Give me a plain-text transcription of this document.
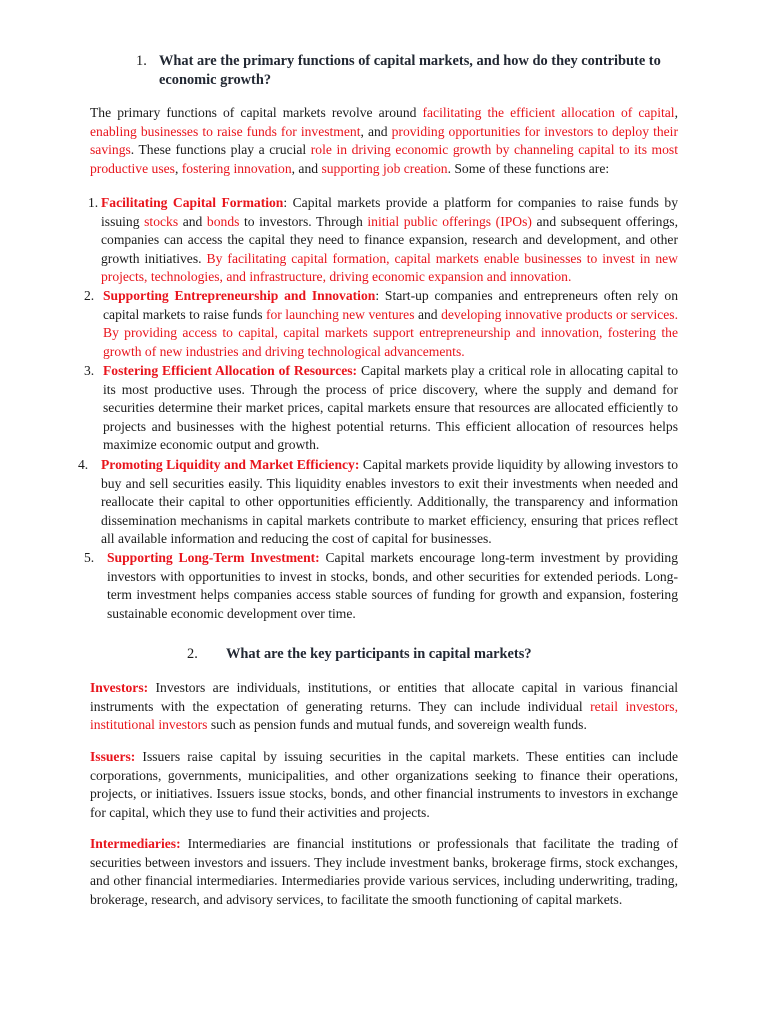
1. What are the primary functions of capital markets, and how do they contribute to economic growth?
The primary functions of capital markets revolve around facilitating the efficient allocation of capital, enabling businesses to raise funds for investment, and providing opportunities for investors to deploy their savings. These functions play a crucial role in driving economic growth by channeling capital to its most productive uses, fostering innovation, and supporting job creation. Some of these functions are:
1. Facilitating Capital Formation: Capital markets provide a platform for companies to raise funds by issuing stocks and bonds to investors. Through initial public offerings (IPOs) and subsequent offerings, companies can access the capital they need to finance expansion, research and development, and other growth initiatives. By facilitating capital formation, capital markets enable businesses to invest in new projects, technologies, and infrastructure, driving economic expansion and innovation.
2. Supporting Entrepreneurship and Innovation: Start-up companies and entrepreneurs often rely on capital markets to raise funds for launching new ventures and developing innovative products or services. By providing access to capital, capital markets support entrepreneurship and innovation, fostering the growth of new industries and driving technological advancements.
3. Fostering Efficient Allocation of Resources: Capital markets play a critical role in allocating capital to its most productive uses. Through the process of price discovery, where the supply and demand for securities determine their market prices, capital markets ensure that resources are allocated efficiently to projects and businesses with the highest potential returns. This efficient allocation of resources helps maximize economic output and growth.
4. Promoting Liquidity and Market Efficiency: Capital markets provide liquidity by allowing investors to buy and sell securities easily. This liquidity enables investors to exit their investments when needed and reallocate their capital to other opportunities efficiently. Additionally, the transparency and information dissemination mechanisms in capital markets contribute to market efficiency, ensuring that prices reflect all available information and reducing the cost of capital for businesses.
5. Supporting Long-Term Investment: Capital markets encourage long-term investment by providing investors with opportunities to invest in stocks, bonds, and other securities for extended periods. Long-term investment helps companies access stable sources of funding for growth and expansion, fostering sustainable economic development over time.
2. What are the key participants in capital markets?
Investors: Investors are individuals, institutions, or entities that allocate capital in various financial instruments with the expectation of generating returns. They can include individual retail investors, institutional investors such as pension funds and mutual funds, and sovereign wealth funds.
Issuers: Issuers raise capital by issuing securities in the capital markets. These entities can include corporations, governments, municipalities, and other organizations seeking to finance their operations, projects, or initiatives. Issuers issue stocks, bonds, and other financial instruments to investors in exchange for capital, which they use to fund their activities and projects.
Intermediaries: Intermediaries are financial institutions or professionals that facilitate the trading of securities between investors and issuers. They include investment banks, brokerage firms, stock exchanges, and other financial intermediaries. Intermediaries provide various services, including underwriting, trading, brokerage, research, and advisory services, to facilitate the smooth functioning of capital markets.
